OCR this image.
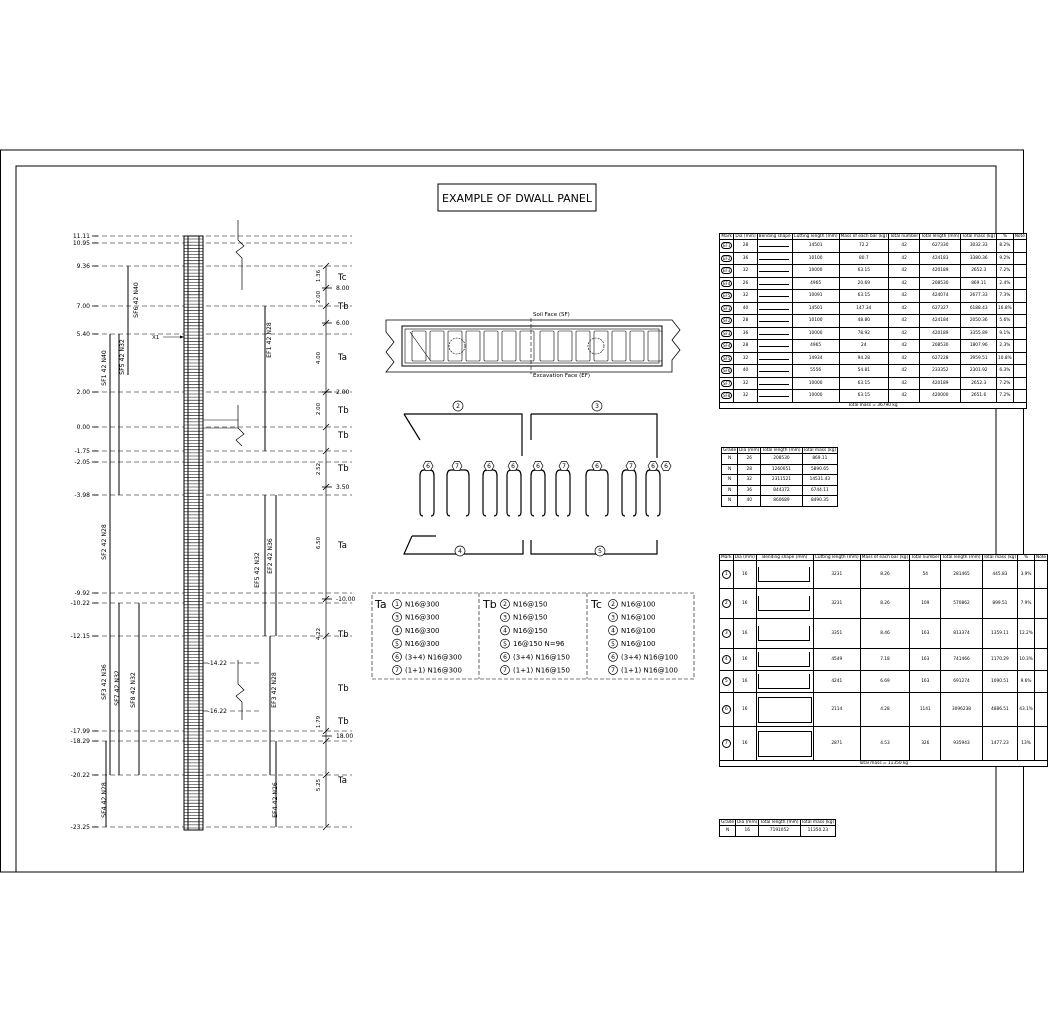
EXAMPLE OF DWALL PANEL
SF6 42 N40
SF1 42 N40 SF5 42 N32	EF1 42 N28
SF2 42 N28
EF5 42 N32 EF2 42 N36
SF3 42 N36 SF7 42 N32 SF8 42 N32	EF3 42 N28
SF4 42 N28	EF4 42 N26
11.11
10.95
9.36
7.00
5.40
2.00
0.00
-1.75
-2.05
-3.98
-9.92
-10.22
-12.15
-17.99
-18.29
-20.22
-23.25
-14.22
-16.22
8.00
6.00
2.00
3.50
-10.00
18.00
1.36
2.00
4.00
2.00
2.52
6.50
4.22
1.79
5.25
Tc
Tb
Ta
Tb
Tb
Tb
Ta
Tb
Tb
Tb
Ta
X1
Soil Face (SF)
Excavation Face (EF)
2	3
6	7	6	6	6	7	6	7	6 6
4	5
Ta 1 N16@300
3 N16@300
4 N16@300
5 N16@300
6 (3+4) N16@300
7 (1+1) N16@300
Tb 2 N16@150
3 N16@150
4 N16@150
5 16@150 N=96
6 (3+4) N16@150
7 (1+1) N16@150
Tc 2 N16@100
3 N16@100
4 N16@100
5 N16@100
6 (3+4) N16@100
7 (1+1) N16@100
Mark	Dia (mm)	Bending shape	Cutting length (mm)	Mass of each bar (kg)	Total number	Total length (mm)	Total mass (kg)	%	Note
EF1	28		14501	72.2	42	627330	3032.33	8.2%	
EF2	36		10100	80.7	42	424183	3380.36	9.2%	
EF3	32		10000	63.15	42	420189	2652.3	7.2%	
EF4	26		4965	20.69	42	208530	869.11	2.4%	
EF5	32		10091	63.15	42	424074	2677.33	7.3%	
SF1	40		14501	147.34	42	627327	6188.43	16.8%	
SF2	28		10100	48.80	42	424184	2050.36	5.6%	
SF3	36		10000	78.92	42	420189	3355.89	9.1%	
SF4	28		4965	24	42	208530	1807.96	2.3%	
SF5	32		14934	94.28	42	627228	3959.51	10.8%	
SF6	40		5556	54.81	42	233352	2301.92	6.3%	
SF7	32		10000	63.15	42	420189	2652.3	7.2%	
SF8	32		10000	63.15	42	420000	2651.6	7.2%	
Total mass = 36790 kg									
Grade	Dia (mm)	Total length (mm)	Total mass (kg)
N	26	208530	869.11
N	28	1260051	5890.65
N	32	2311521	14531.43
N	36	844372	6744.11
N	40	860689	8490.35
Mark	Dia (mm)	Bending shape (mm)	Cutting length (mm)	Mass of each bar (kg)	Total number	Total length (mm)	Total mass (kg)	%	Note
1	16		3231	8.26	54	281465	445.83	3.9%	
2	16		3231	8.26	109	570862	899.51	7.9%	
3	16		3351	8.46	163	813374	1359.11	12.2%	
4	16		4549	7.18	163	741466	1170.29	10.3%	
5	16		4241	6.69	163	691274	1090.51	9.6%	
6	16		2114	4.28	1141	3096238	4886.51	43.1%	
7	16		2871	4.53	326	935943	1477.23	13%	
Total mass = 11350 kg									
Grade	Dia (mm)	Total length (mm)	Total mass (kg)
N	16	7191052	11350.23
